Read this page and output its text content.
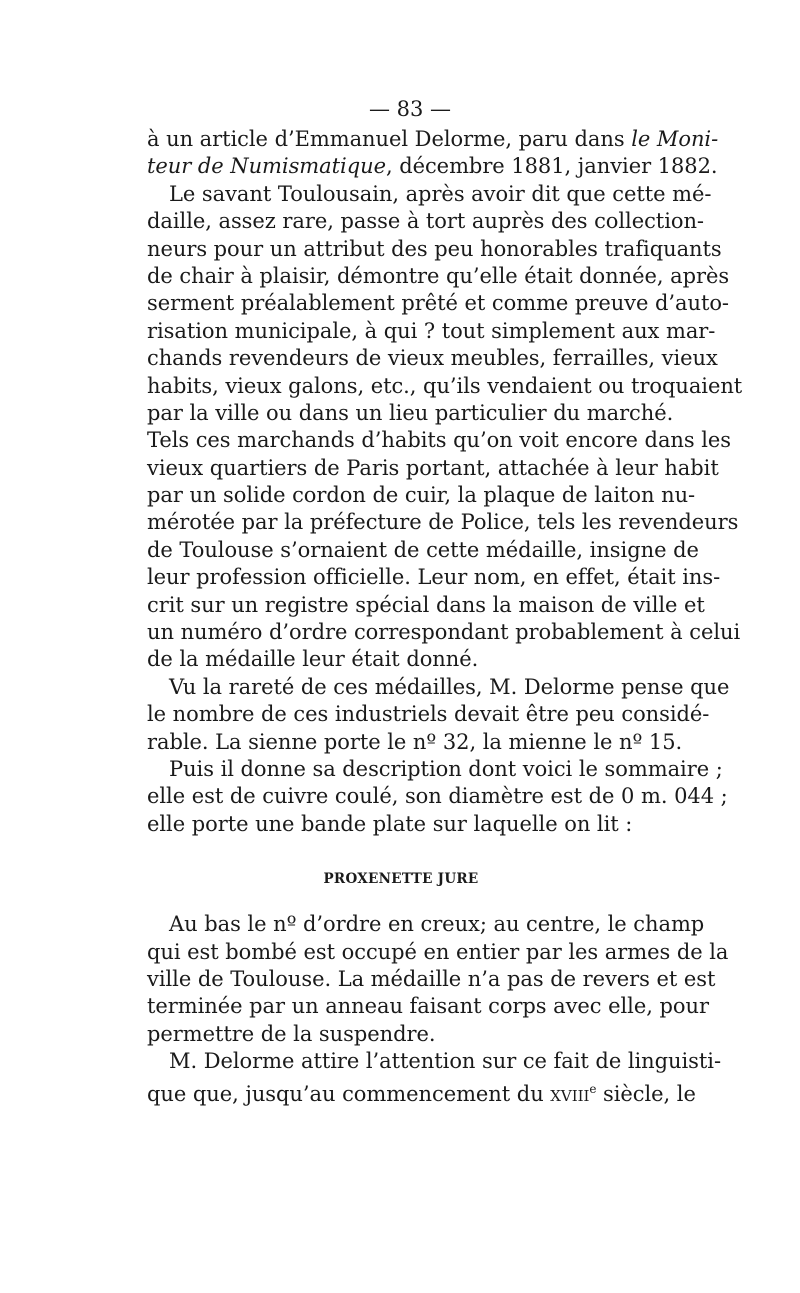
— 83 —
à un article d’Emmanuel Delorme, paru dans le Moni-
teur de Numismatique, décembre 1881, janvier 1882.
Le savant Toulousain, après avoir dit que cette mé-
daille, assez rare, passe à tort auprès des collection-
neurs pour un attribut des peu honorables trafiquants
de chair à plaisir, démontre qu’elle était donnée, après
serment préalablement prêté et comme preuve d’auto-
risation municipale, à qui ? tout simplement aux mar-
chands revendeurs de vieux meubles, ferrailles, vieux
habits, vieux galons, etc., qu’ils vendaient ou troquaient
par la ville ou dans un lieu particulier du marché.
Tels ces marchands d’habits qu’on voit encore dans les
vieux quartiers de Paris portant, attachée à leur habit
par un solide cordon de cuir, la plaque de laiton nu-
mérotée par la préfecture de Police, tels les revendeurs
de Toulouse s’ornaient de cette médaille, insigne de
leur profession officielle. Leur nom, en effet, était ins-
crit sur un registre spécial dans la maison de ville et
un numéro d’ordre correspondant probablement à celui
de la médaille leur était donné.
Vu la rareté de ces médailles, M. Delorme pense que
le nombre de ces industriels devait être peu considé-
rable. La sienne porte le nº 32, la mienne le nº 15.
Puis il donne sa description dont voici le sommaire ;
elle est de cuivre coulé, son diamètre est de 0 m. 044 ;
elle porte une bande plate sur laquelle on lit :
PROXENETTE JURE
Au bas le nº d’ordre en creux; au centre, le champ
qui est bombé est occupé en entier par les armes de la
ville de Toulouse. La médaille n’a pas de revers et est
terminée par un anneau faisant corps avec elle, pour
permettre de la suspendre.
M. Delorme attire l’attention sur ce fait de linguisti-
que que, jusqu’au commencement du xviii$^e$ siècle, le
